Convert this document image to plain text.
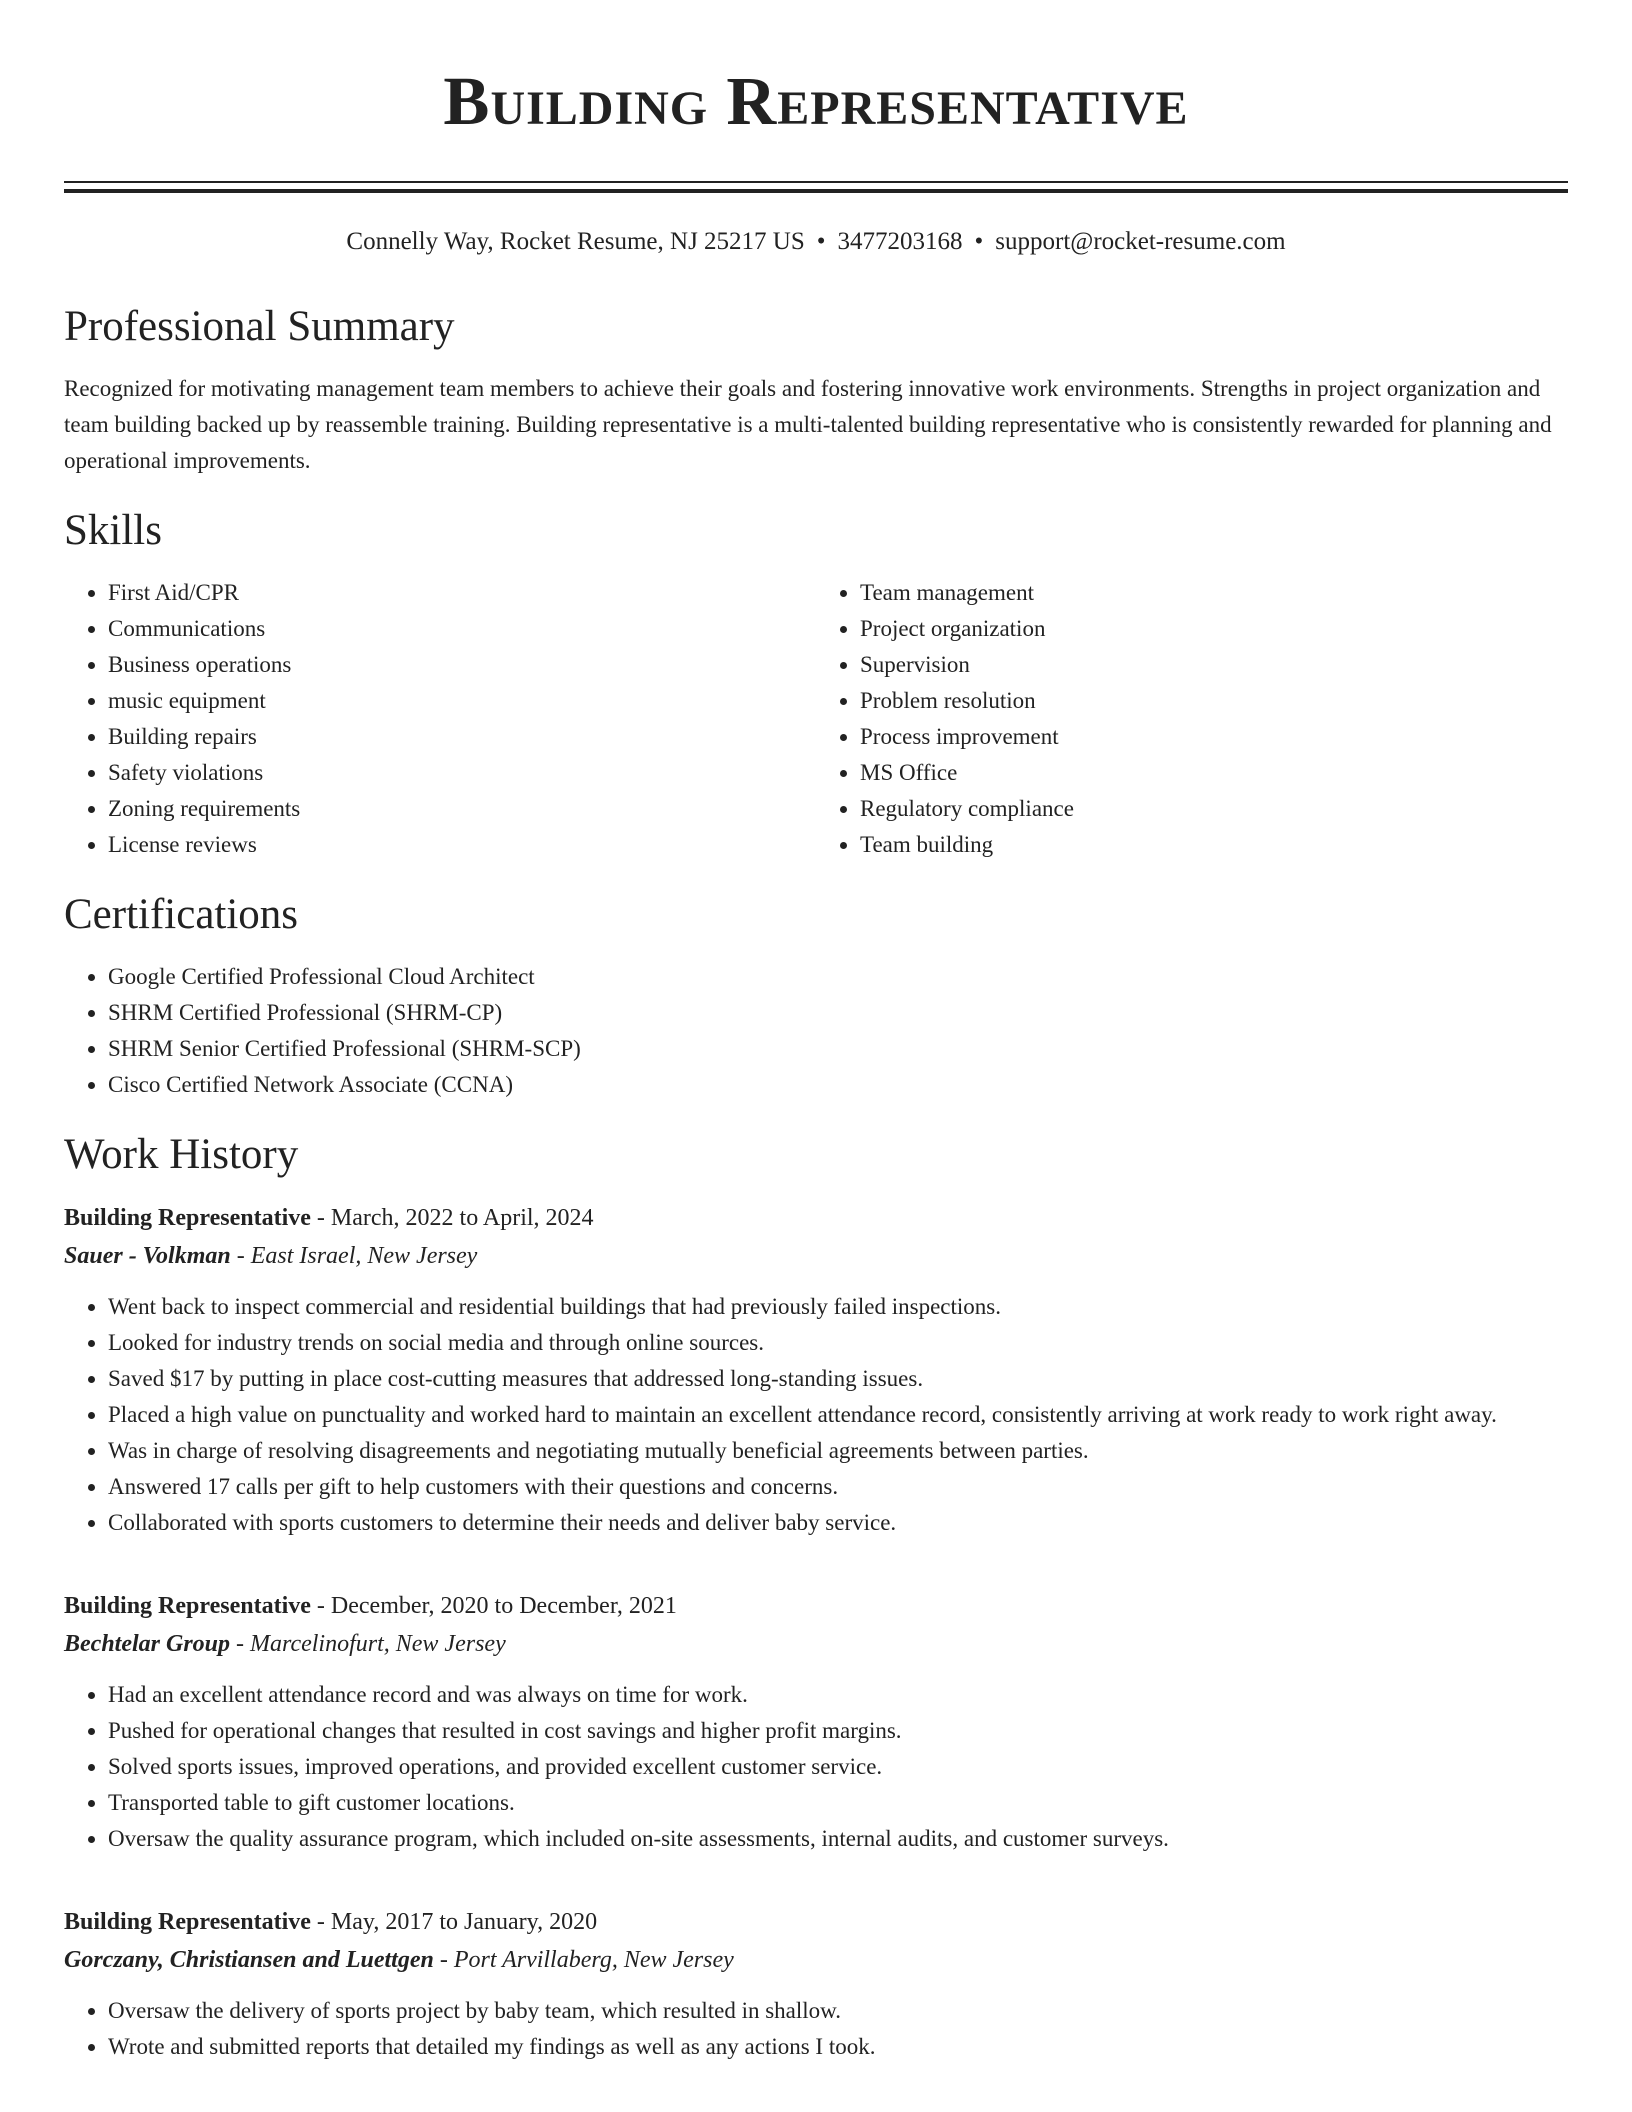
Building Representative
Connelly Way, Rocket Resume, NJ 25217 US • 3477203168 • support@rocket-resume.com
Professional Summary
Recognized for motivating management team members to achieve their goals and fostering innovative work environments. Strengths in project organization and team building backed up by reassemble training. Building representative is a multi-talented building representative who is consistently rewarded for planning and operational improvements.
Skills
• First Aid/CPR
• Communications
• Business operations
• music equipment
• Building repairs
• Safety violations
• Zoning requirements
• License reviews
• Team management
• Project organization
• Supervision
• Problem resolution
• Process improvement
• MS Office
• Regulatory compliance
• Team building
Certifications
• Google Certified Professional Cloud Architect
• SHRM Certified Professional (SHRM-CP)
• SHRM Senior Certified Professional (SHRM-SCP)
• Cisco Certified Network Associate (CCNA)
Work History
Building Representative - March, 2022 to April, 2024
Sauer - Volkman - East Israel, New Jersey
• Went back to inspect commercial and residential buildings that had previously failed inspections.
• Looked for industry trends on social media and through online sources.
• Saved $17 by putting in place cost-cutting measures that addressed long-standing issues.
• Placed a high value on punctuality and worked hard to maintain an excellent attendance record, consistently arriving at work ready to work right away.
• Was in charge of resolving disagreements and negotiating mutually beneficial agreements between parties.
• Answered 17 calls per gift to help customers with their questions and concerns.
• Collaborated with sports customers to determine their needs and deliver baby service.
Building Representative - December, 2020 to December, 2021
Bechtelar Group - Marcelinofurt, New Jersey
• Had an excellent attendance record and was always on time for work.
• Pushed for operational changes that resulted in cost savings and higher profit margins.
• Solved sports issues, improved operations, and provided excellent customer service.
• Transported table to gift customer locations.
• Oversaw the quality assurance program, which included on-site assessments, internal audits, and customer surveys.
Building Representative - May, 2017 to January, 2020
Gorczany, Christiansen and Luettgen - Port Arvillaberg, New Jersey
• Oversaw the delivery of sports project by baby team, which resulted in shallow.
• Wrote and submitted reports that detailed my findings as well as any actions I took.
